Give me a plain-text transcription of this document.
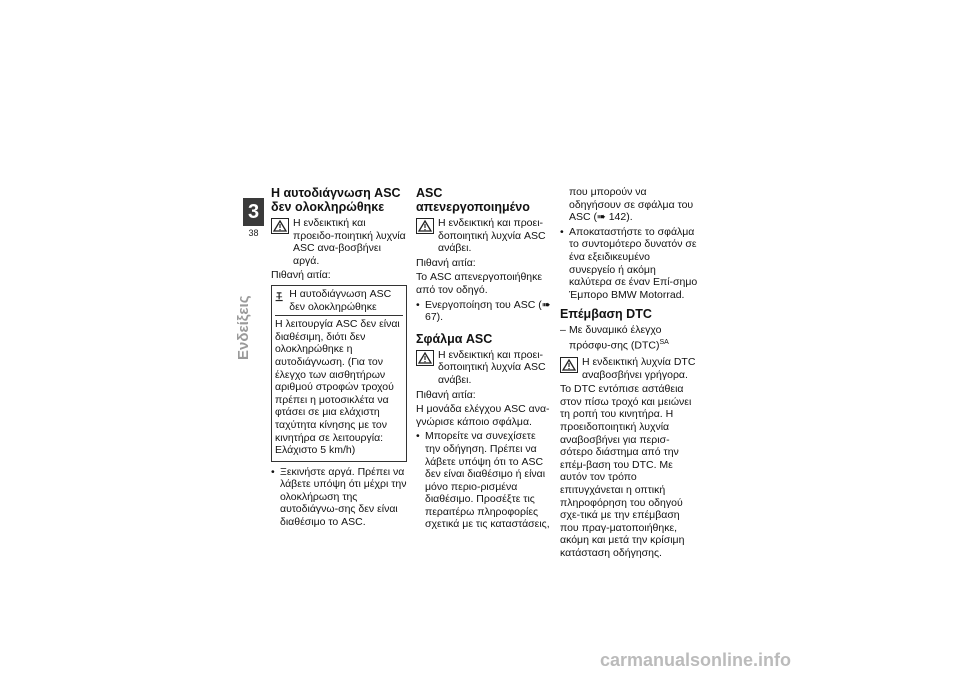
3
38
Ενδείξεις
Η αυτοδιάγνωση ASC δεν ολοκληρώθηκε

Η ενδεικτική και προειδο-ποιητική λυχνία ASC ανα-βοσβήνει αργά.

Πιθανή αιτία:

Η αυτοδιάγνωση ASC δεν ολοκληρώθηκε

Η λειτουργία ASC δεν είναι διαθέσιμη, διότι δεν ολοκληρώθηκε η αυτοδιάγνωση. (Για τον έλεγχο των αισθητήρων αριθμού στροφών τροχού πρέπει η μοτοσικλέτα να φτάσει σε μια ελάχιστη ταχύτητα κίνησης με τον κινητήρα σε λειτουργία: Ελάχιστο 5 km/h)

• Ξεκινήστε αργά. Πρέπει να λάβετε υπόψη ότι μέχρι την ολοκλήρωση της αυτοδιάγνω-σης δεν είναι διαθέσιμο το ASC.
ASC απενεργοποιημένο

Η ενδεικτική και προει-δοποιητική λυχνία ASC ανάβει.

Πιθανή αιτία:

Το ASC απενεργοποιήθηκε από τον οδηγό.

• Ενεργοποίηση του ASC (➠ 67).
Σφάλμα ASC

Η ενδεικτική και προει-δοποιητική λυχνία ASC ανάβει.

Πιθανή αιτία:

Η μονάδα ελέγχου ASC ανα-γνώρισε κάποιο σφάλμα.

• Μπορείτε να συνεχίσετε την οδήγηση. Πρέπει να λάβετε υπόψη ότι το ASC δεν είναι διαθέσιμο ή είναι μόνο περιο-ρισμένα διαθέσιμο. Προσέξτε τις περαιτέρω πληροφορίες σχετικά με τις καταστάσεις,

που μπορούν να οδηγήσουν σε σφάλμα του ASC (➠ 142).

• Αποκαταστήστε το σφάλμα το συντομότερο δυνατόν σε ένα εξειδικευμένο συνεργείο ή ακόμη καλύτερα σε έναν Επί-σημο Έμπορο BMW Motorrad.
Επέμβαση DTC
– Με δυναμικό έλεγχο πρόσφυ-σης (DTC)$^{SA}$

Η ενδεικτική λυχνία DTC αναβοσβήνει γρήγορα.

Το DTC εντόπισε αστάθεια στον πίσω τροχό και μειώνει τη ροπή του κινητήρα. Η προειδοποιητική λυχνία αναβοσβήνει για περισ-σότερο διάστημα από την επέμ-βαση του DTC. Με αυτόν τον τρόπο επιτυγχάνεται η οπτική πληροφόρηση του οδηγού σχε-τικά με την επέμβαση που πραγ-ματοποιήθηκε, ακόμη και μετά την κρίσιμη κατάσταση οδήγησης.

carmanualsonline.info
